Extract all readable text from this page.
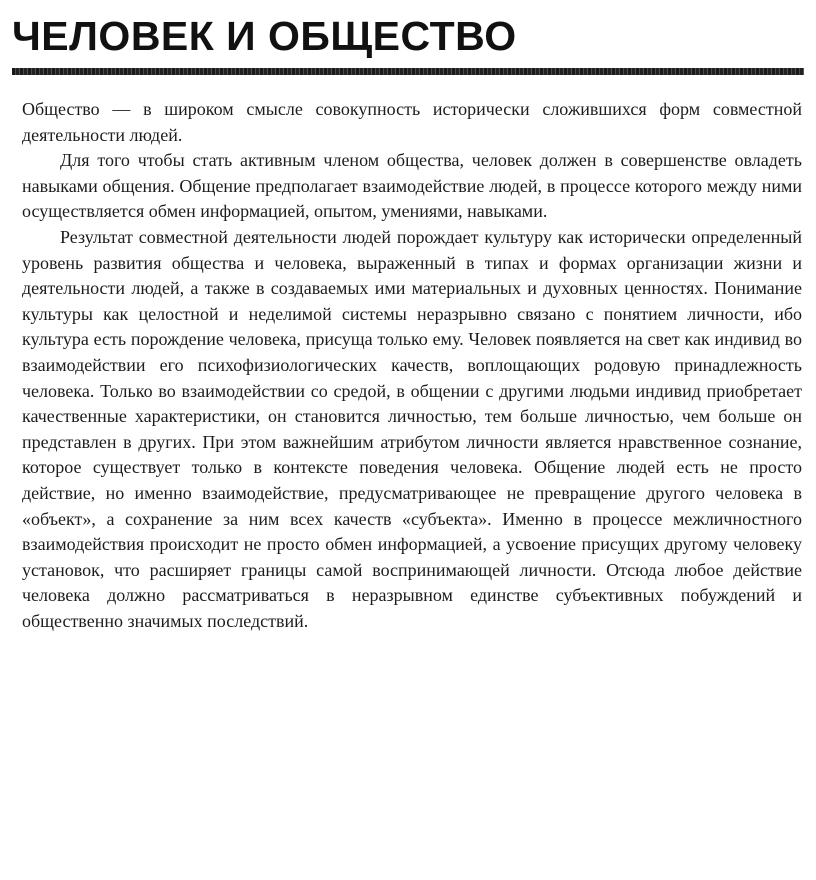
ЧЕЛОВЕК И ОБЩЕСТВО

Общество — в широком смысле совокупность исторически сложившихся форм совместной деятельности людей.

Для того чтобы стать активным членом общества, человек должен в совершенстве овладеть навыками общения. Общение предполагает взаимодействие людей, в процессе которого между ними осуществляется обмен информацией, опытом, умениями, навыками.

Результат совместной деятельности людей порождает культуру как исторически определенный уровень развития общества и человека, выраженный в типах и формах организации жизни и деятельности людей, а также в создаваемых ими материальных и духовных ценностях. Понимание культуры как целостной и неделимой системы неразрывно связано с понятием личности, ибо культура есть порождение человека, присуща только ему. Человек появляется на свет как индивид во взаимодействии его психофизиологических качеств, воплощающих родовую принадлежность человека. Только во взаимодействии со средой, в общении с другими людьми индивид приобретает качественные характеристики, он становится личностью, тем больше личностью, чем больше он представлен в других. При этом важнейшим атрибутом личности является нравственное сознание, которое существует только в контексте поведения человека. Общение людей есть не просто действие, но именно взаимодействие, предусматривающее не превращение другого человека в «объект», а сохранение за ним всех качеств «субъекта». Именно в процессе межличностного взаимодействия происходит не просто обмен информацией, а усвоение присущих другому человеку установок, что расширяет границы самой воспринимающей личности. Отсюда любое действие человека должно рассматриваться в неразрывном единстве субъективных побуждений и общественно значимых последствий.
